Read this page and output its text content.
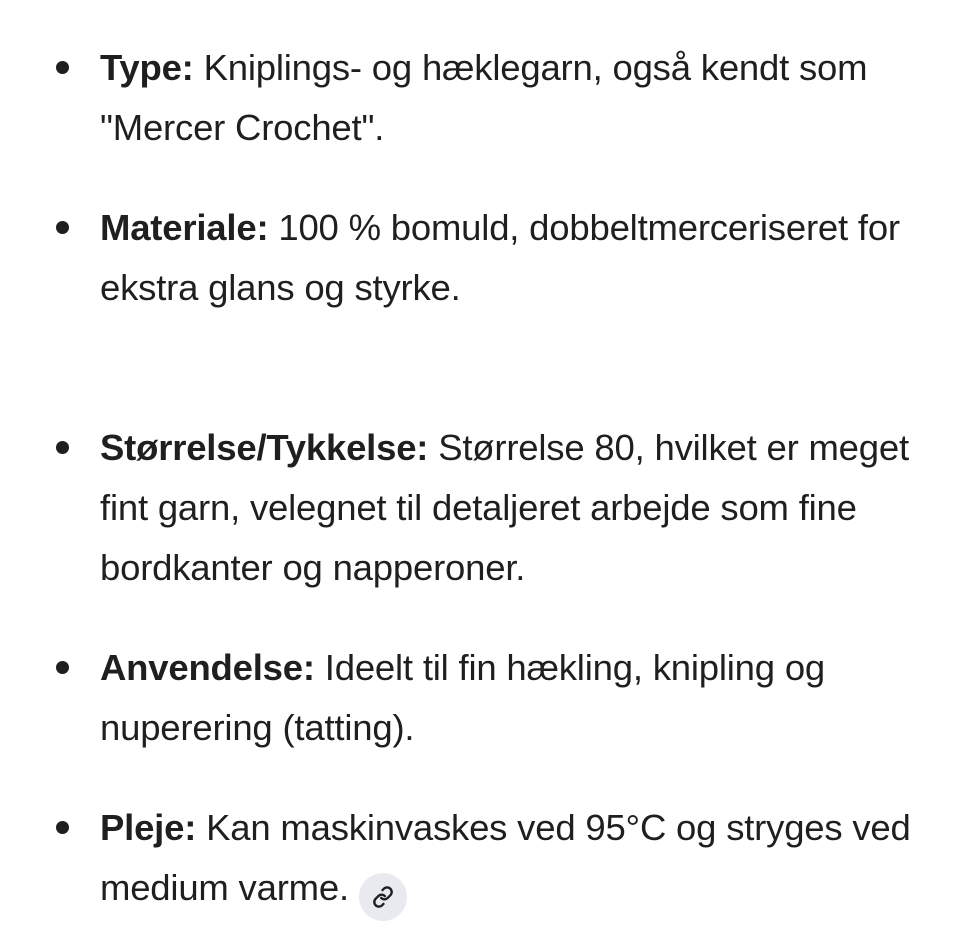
Type: Kniplings- og hæklegarn, også kendt som "Mercer Crochet".
Materiale: 100 % bomuld, dobbeltmerceriseret for ekstra glans og styrke.
Størrelse/Tykkelse: Størrelse 80, hvilket er meget fint garn, velegnet til detaljeret arbejde som fine bordkanter og napperoner.
Anvendelse: Ideelt til fin hækling, knipling og nuperering (tatting).
Pleje: Kan maskinvaskes ved 95°C og stryges ved medium varme.
